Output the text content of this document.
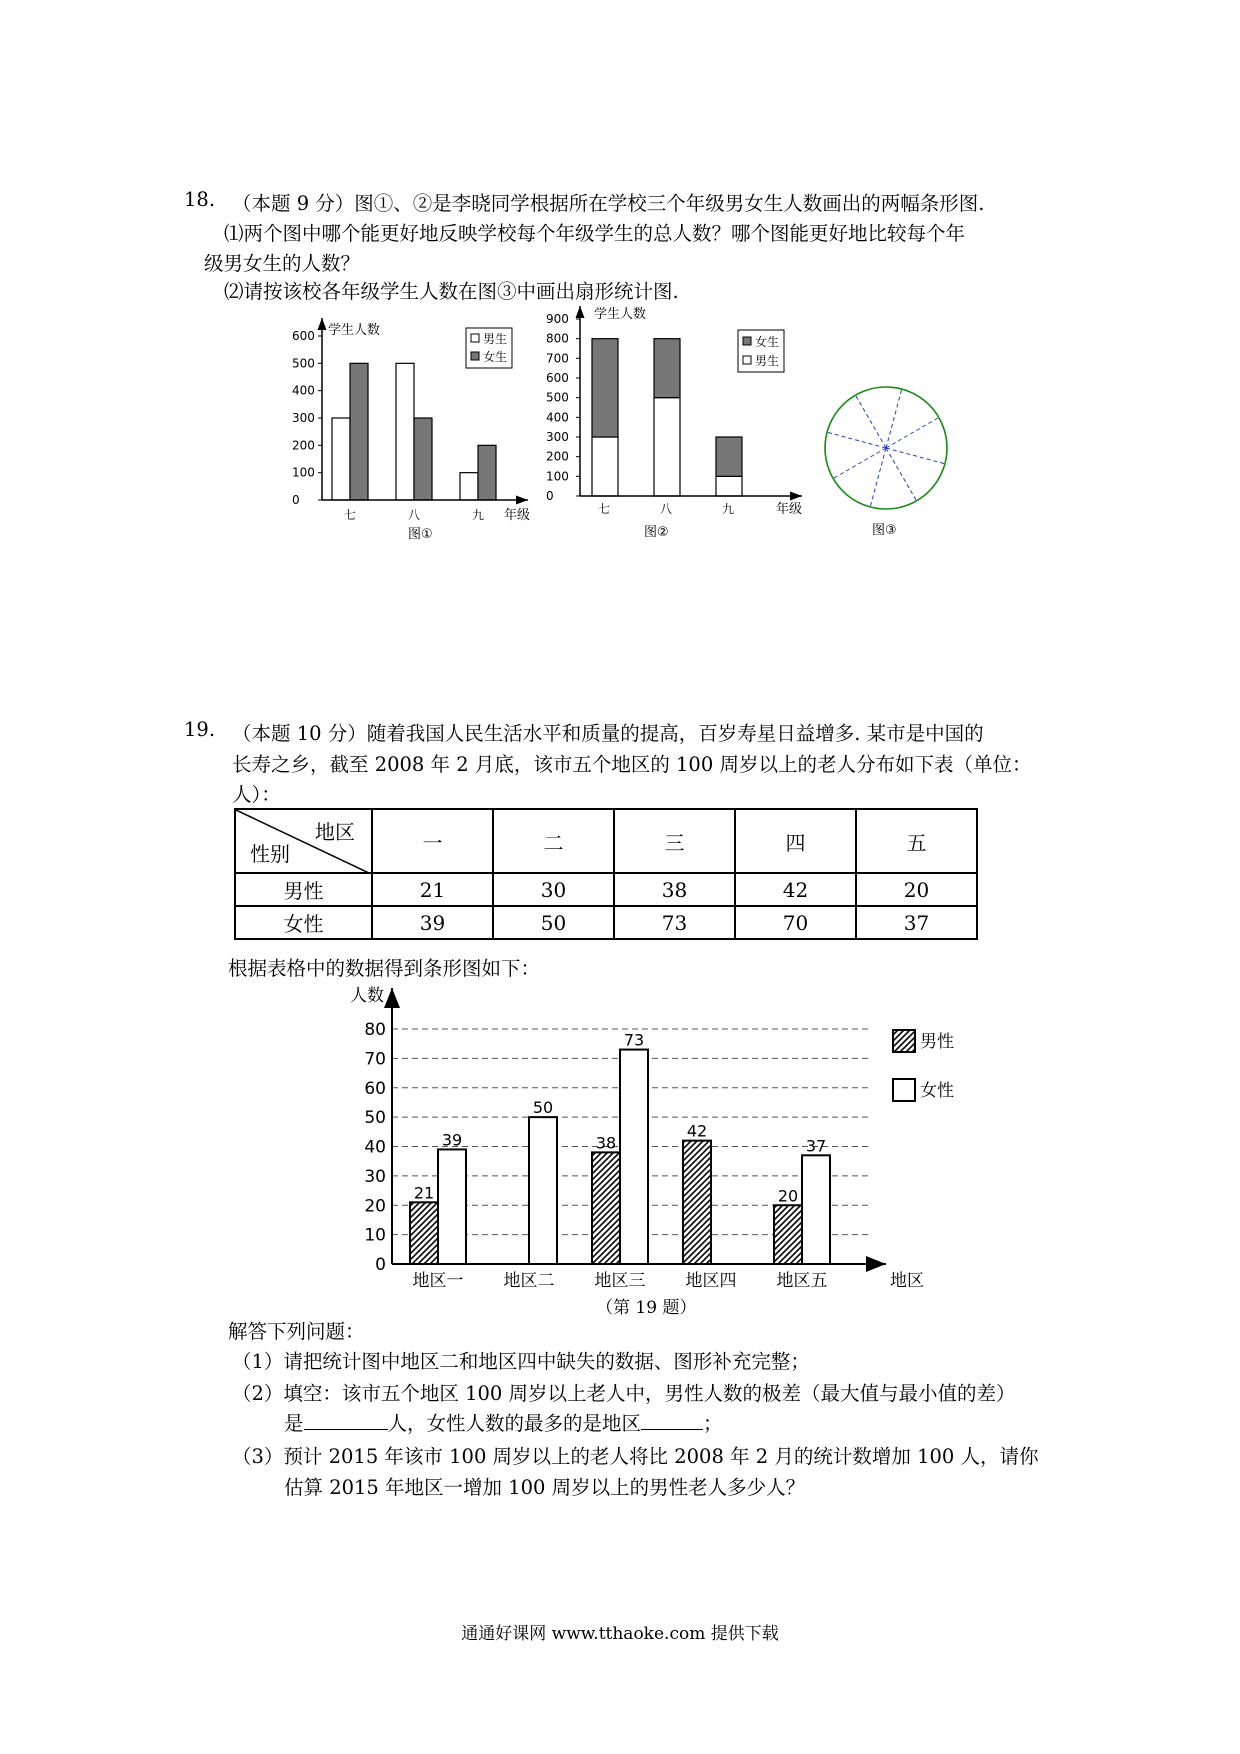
18. （本题 9 分）图①、②是李晓同学根据所在学校三个年级男女生人数画出的两幅条形图.
⑴两个图中哪个能更好地反映学校每个年级学生的总人数？哪个图能更好地比较每个年
级男女生的人数？
⑵请按该校各年级学生人数在图③中画出扇形统计图.
学生人数
年级
图①
600
500
400
300
200
100
0
七	八	九
男生
女生
学生人数
年级
图②
900
800
700
600
500
400
300
200
100
0
七	八	九
女生
男生
图③
19. （本题 10 分）随着我国人民生活水平和质量的提高，百岁寿星日益增多. 某市是中国的
长寿之乡，截至 2008 年 2 月底，该市五个地区的 100 周岁以上的老人分布如下表（单位：
人）：
地区
性别	一	二	三	四	五
男性	21	30	38	42	20
女性	39	50	73	70	37
根据表格中的数据得到条形图如下：
21
39
50
38
73
42
20
37
人数
地区
80
70
60
50
40
30
20
10
0
地区一 地区二 地区三 地区四 地区五
男性
女性
（第 19 题）
解答下列问题：
（1）请把统计图中地区二和地区四中缺失的数据、图形补充完整；
（2）填空：该市五个地区 100 周岁以上老人中，男性人数的极差（最大值与最小值的差）
是	人，女性人数的最多的是地区	；
（3）预计 2015 年该市 100 周岁以上的老人将比 2008 年 2 月的统计数增加 100 人，请你
估算 2015 年地区一增加 100 周岁以上的男性老人多少人？
通通好课网 www.tthaoke.com 提供下载
